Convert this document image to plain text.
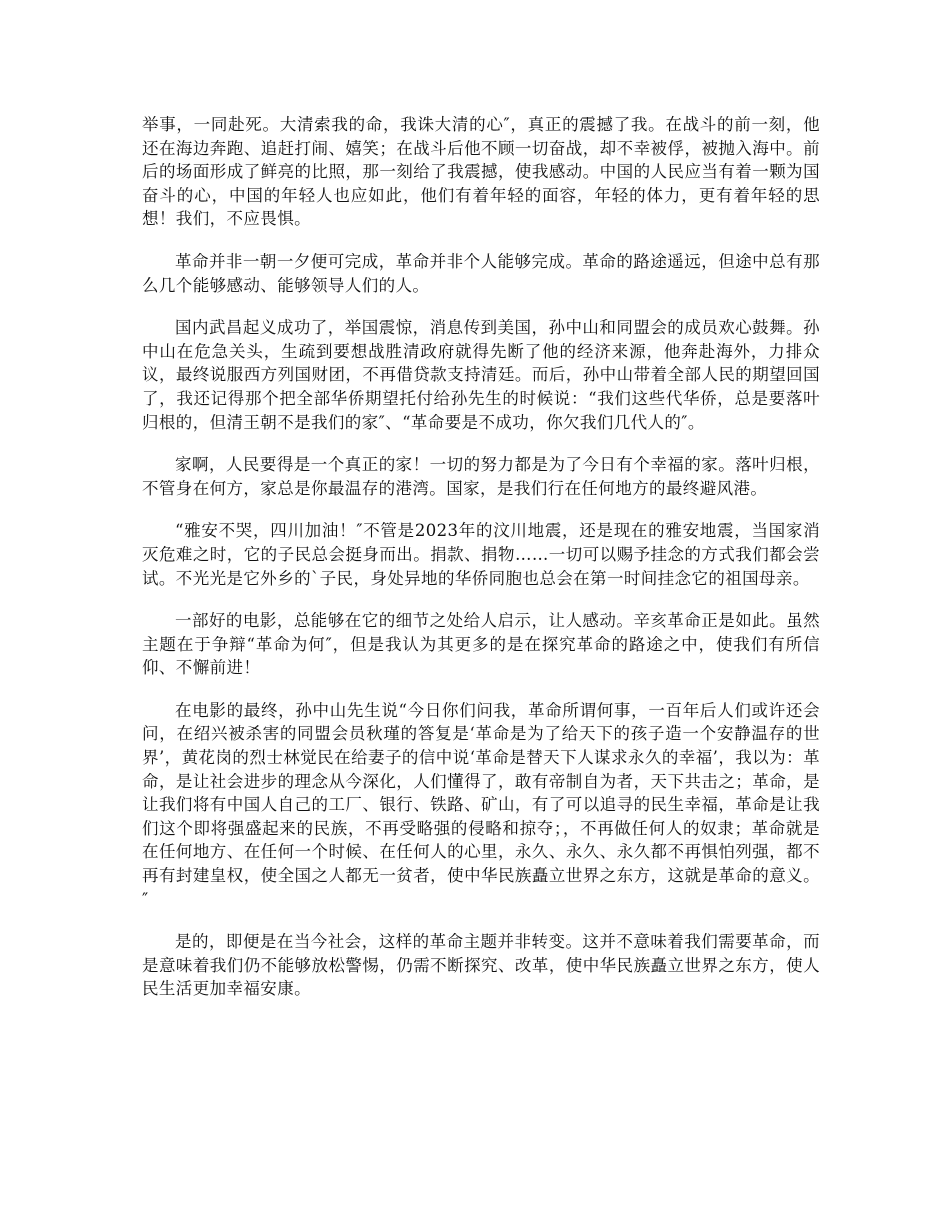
举事，一同赴死。大清索我的命，我诛大清的心″，真正的震撼了我。在战斗的前一刻，他还在海边奔跑、追赶打闹、嬉笑；在战斗后他不顾一切奋战，却不幸被俘，被抛入海中。前后的场面形成了鲜亮的比照，那一刻给了我震撼，使我感动。中国的人民应当有着一颗为国奋斗的心，中国的年轻人也应如此，他们有着年轻的面容，年轻的体力，更有着年轻的思想！我们，不应畏惧。

革命并非一朝一夕便可完成，革命并非个人能够完成。革命的路途遥远，但途中总有那么几个能够感动、能够领导人们的人。

国内武昌起义成功了，举国震惊，消息传到美国，孙中山和同盟会的成员欢心鼓舞。孙中山在危急关头，生疏到要想战胜清政府就得先断了他的经济来源，他奔赴海外，力排众议，最终说服西方列国财团，不再借贷款支持清廷。而后，孙中山带着全部人民的期望回国了，我还记得那个把全部华侨期望托付给孙先生的时候说：“我们这些代华侨，总是要落叶归根的，但清王朝不是我们的家″、“革命要是不成功，你欠我们几代人的″。

家啊，人民要得是一个真正的家！一切的努力都是为了今日有个幸福的家。落叶归根，不管身在何方，家总是你最温存的港湾。国家，是我们行在任何地方的最终避风港。

“雅安不哭，四川加油！″不管是2023年的汶川地震，还是现在的雅安地震，当国家消灭危难之时，它的子民总会挺身而出。捐款、捐物……一切可以赐予挂念的方式我们都会尝试。不光光是它外乡的`子民，身处异地的华侨同胞也总会在第一时间挂念它的祖国母亲。

一部好的电影，总能够在它的细节之处给人启示，让人感动。辛亥革命正是如此。虽然主题在于争辩“革命为何″，但是我认为其更多的是在探究革命的路途之中，使我们有所信仰、不懈前进！

在电影的最终，孙中山先生说“今日你们问我，革命所谓何事，一百年后人们或许还会问，在绍兴被杀害的同盟会员秋瑾的答复是‘革命是为了给天下的孩子造一个安静温存的世界’，黄花岗的烈士林觉民在给妻子的信中说‘革命是替天下人谋求永久的幸福’，我以为：革命，是让社会进步的理念从今深化，人们懂得了，敢有帝制自为者，天下共击之；革命，是让我们将有中国人自己的工厂、银行、铁路、矿山，有了可以追寻的民生幸福，革命是让我们这个即将强盛起来的民族，不再受略强的侵略和掠夺；，不再做任何人的奴隶；革命就是在任何地方、在任何一个时候、在任何人的心里，永久、永久、永久都不再惧怕列强，都不再有封建皇权，使全国之人都无一贫者，使中华民族矗立世界之东方，这就是革命的意义。″

是的，即便是在当今社会，这样的革命主题并非转变。这并不意味着我们需要革命，而是意味着我们仍不能够放松警惕，仍需不断探究、改革，使中华民族矗立世界之东方，使人民生活更加幸福安康。
